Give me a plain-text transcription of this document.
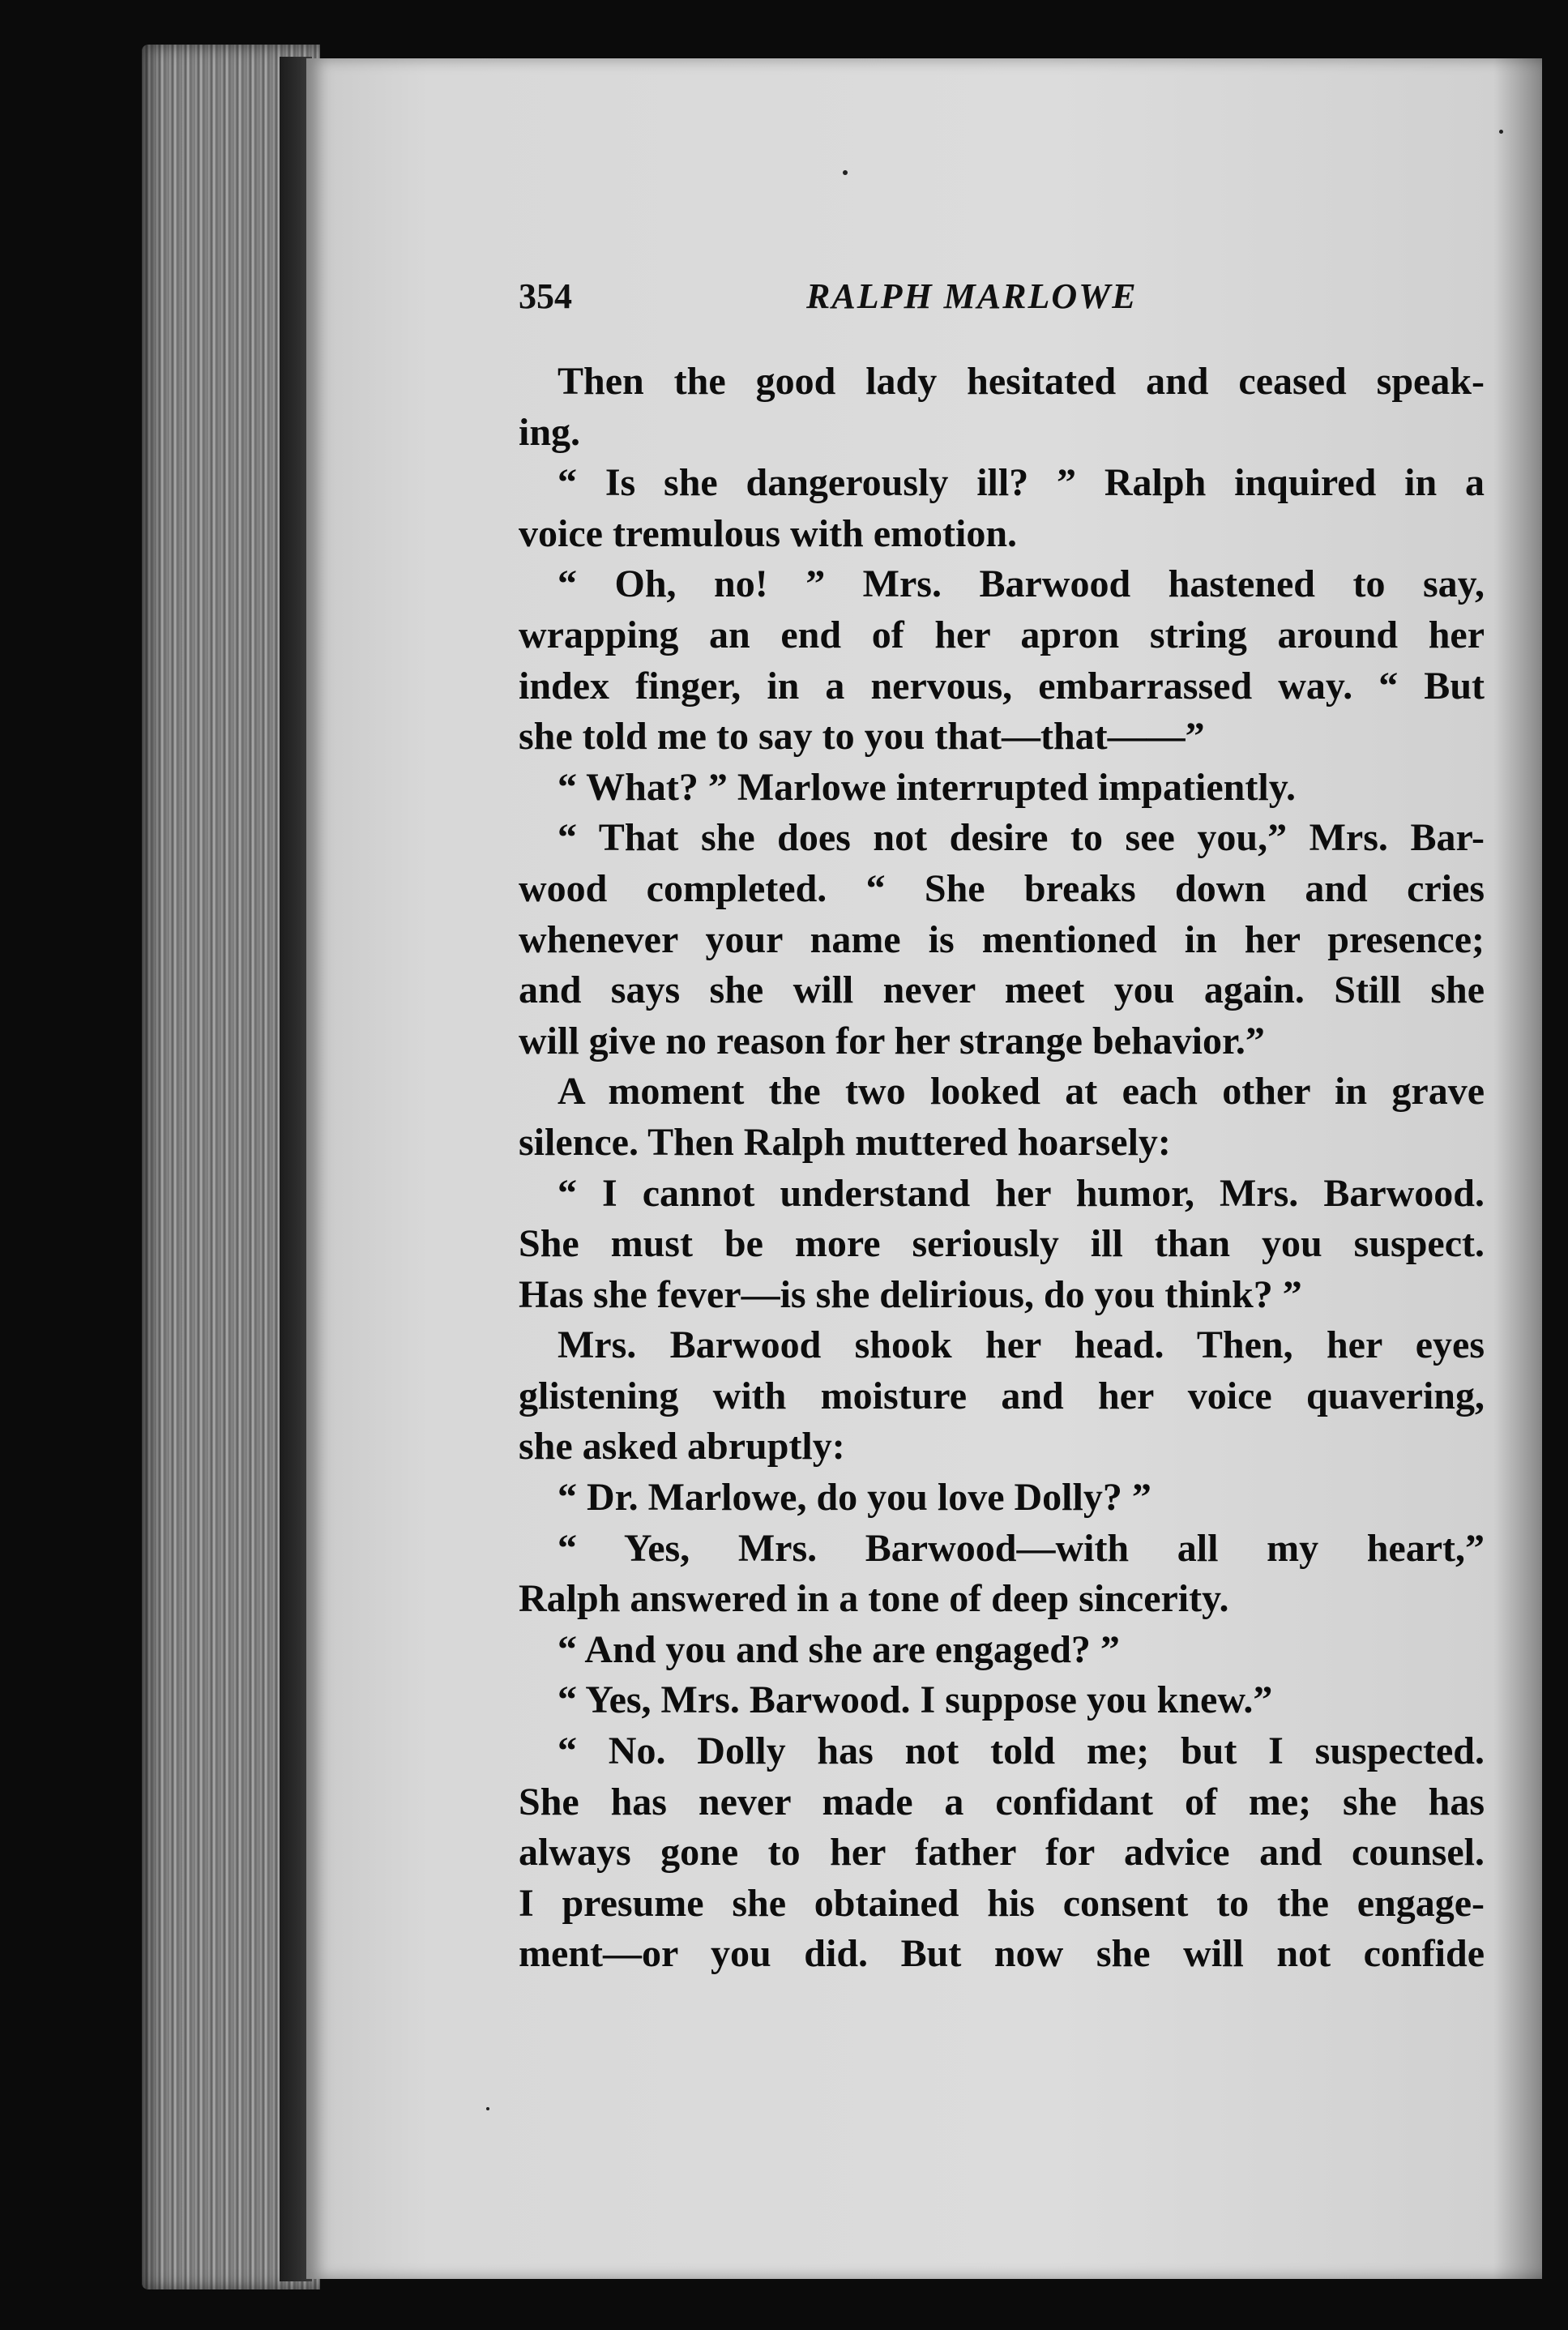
354	RALPH MARLOWE
Then the good lady hesitated and ceased speak-
ing.
“ Is she dangerously ill? ” Ralph inquired in a
voice tremulous with emotion.
“ Oh, no! ” Mrs. Barwood hastened to say,
wrapping an end of her apron string around her
index finger, in a nervous, embarrassed way. “ But
she told me to say to you that—that——”
“ What? ” Marlowe interrupted impatiently.
“ That she does not desire to see you,” Mrs. Bar-
wood completed. “ She breaks down and cries
whenever your name is mentioned in her presence;
and says she will never meet you again. Still she
will give no reason for her strange behavior.”
A moment the two looked at each other in grave
silence. Then Ralph muttered hoarsely:
“ I cannot understand her humor, Mrs. Barwood.
She must be more seriously ill than you suspect.
Has she fever—is she delirious, do you think? ”
Mrs. Barwood shook her head. Then, her eyes
glistening with moisture and her voice quavering,
she asked abruptly:
“ Dr. Marlowe, do you love Dolly? ”
“ Yes, Mrs. Barwood—with all my heart,”
Ralph answered in a tone of deep sincerity.
“ And you and she are engaged? ”
“ Yes, Mrs. Barwood. I suppose you knew.”
“ No. Dolly has not told me; but I suspected.
She has never made a confidant of me; she has
always gone to her father for advice and counsel.
I presume she obtained his consent to the engage-
ment—or you did. But now she will not confide
